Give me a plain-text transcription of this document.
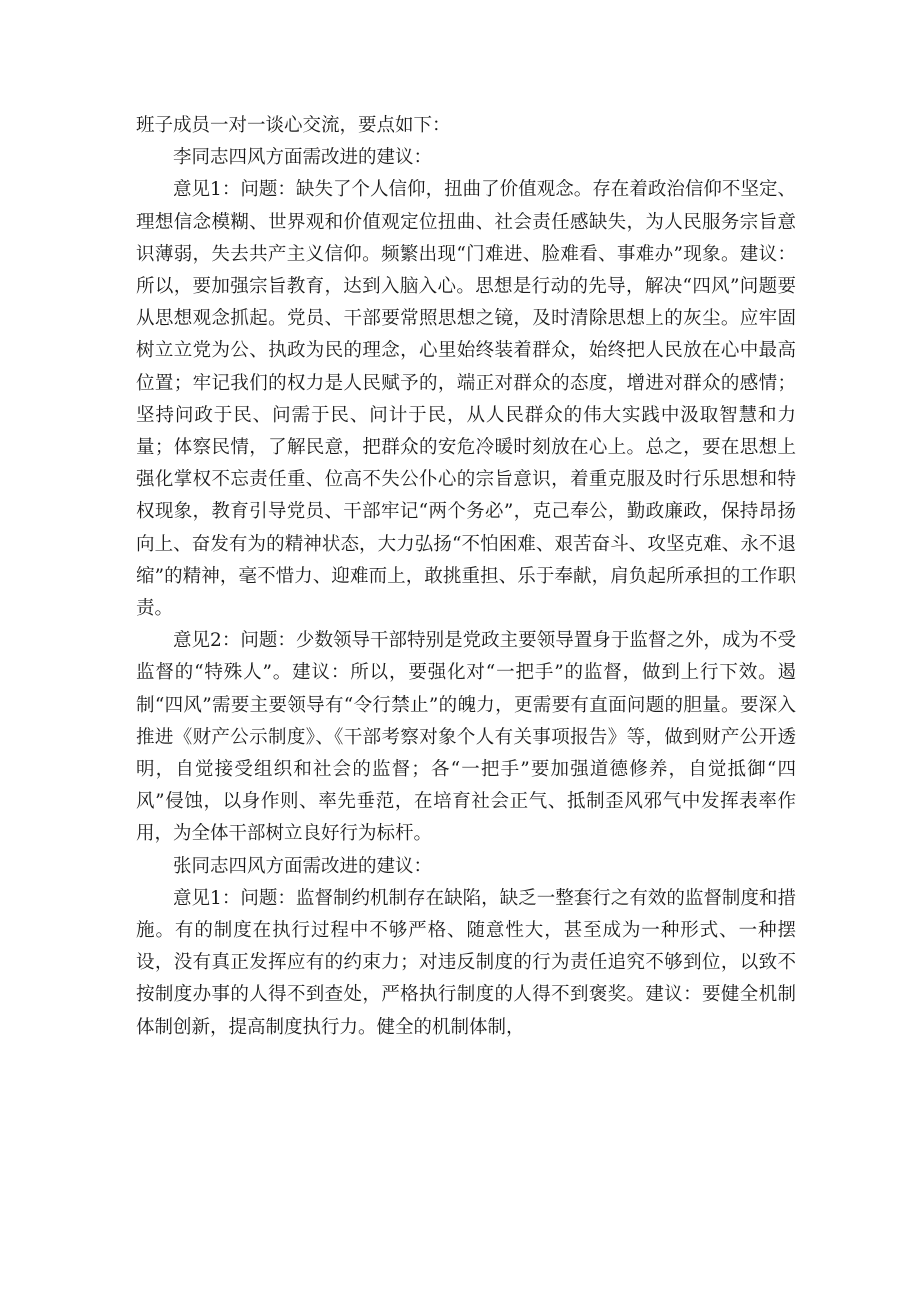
班子成员一对一谈心交流，要点如下：

李同志四风方面需改进的建议：

意见1：问题：缺失了个人信仰，扭曲了价值观念。存在着政治信仰不坚定、理想信念模糊、世界观和价值观定位扭曲、社会责任感缺失，为人民服务宗旨意识薄弱，失去共产主义信仰。频繁出现“门难进、脸难看、事难办”现象。建议：所以，要加强宗旨教育，达到入脑入心。思想是行动的先导，解决“四风”问题要从思想观念抓起。党员、干部要常照思想之镜，及时清除思想上的灰尘。应牢固树立立党为公、执政为民的理念，心里始终装着群众，始终把人民放在心中最高位置；牢记我们的权力是人民赋予的，端正对群众的态度，增进对群众的感情；坚持问政于民、问需于民、问计于民，从人民群众的伟大实践中汲取智慧和力量；体察民情，了解民意，把群众的安危冷暖时刻放在心上。总之，要在思想上强化掌权不忘责任重、位高不失公仆心的宗旨意识，着重克服及时行乐思想和特权现象，教育引导党员、干部牢记“两个务必”，克己奉公，勤政廉政，保持昂扬向上、奋发有为的精神状态，大力弘扬“不怕困难、艰苦奋斗、攻坚克难、永不退缩”的精神，毫不惜力、迎难而上，敢挑重担、乐于奉献，肩负起所承担的工作职责。

意见2：问题：少数领导干部特别是党政主要领导置身于监督之外，成为不受监督的“特殊人”。建议：所以，要强化对“一把手”的监督，做到上行下效。遏制“四风”需要主要领导有“令行禁止”的魄力，更需要有直面问题的胆量。要深入推进《财产公示制度》、《干部考察对象个人有关事项报告》等，做到财产公开透明，自觉接受组织和社会的监督；各“一把手”要加强道德修养，自觉抵御“四风”侵蚀，以身作则、率先垂范，在培育社会正气、抵制歪风邪气中发挥表率作用，为全体干部树立良好行为标杆。

张同志四风方面需改进的建议：

意见1：问题：监督制约机制存在缺陷，缺乏一整套行之有效的监督制度和措施。有的制度在执行过程中不够严格、随意性大，甚至成为一种形式、一种摆设，没有真正发挥应有的约束力；对违反制度的行为责任追究不够到位，以致不按制度办事的人得不到查处，严格执行制度的人得不到褒奖。建议：要健全机制体制创新，提高制度执行力。健全的机制体制，
